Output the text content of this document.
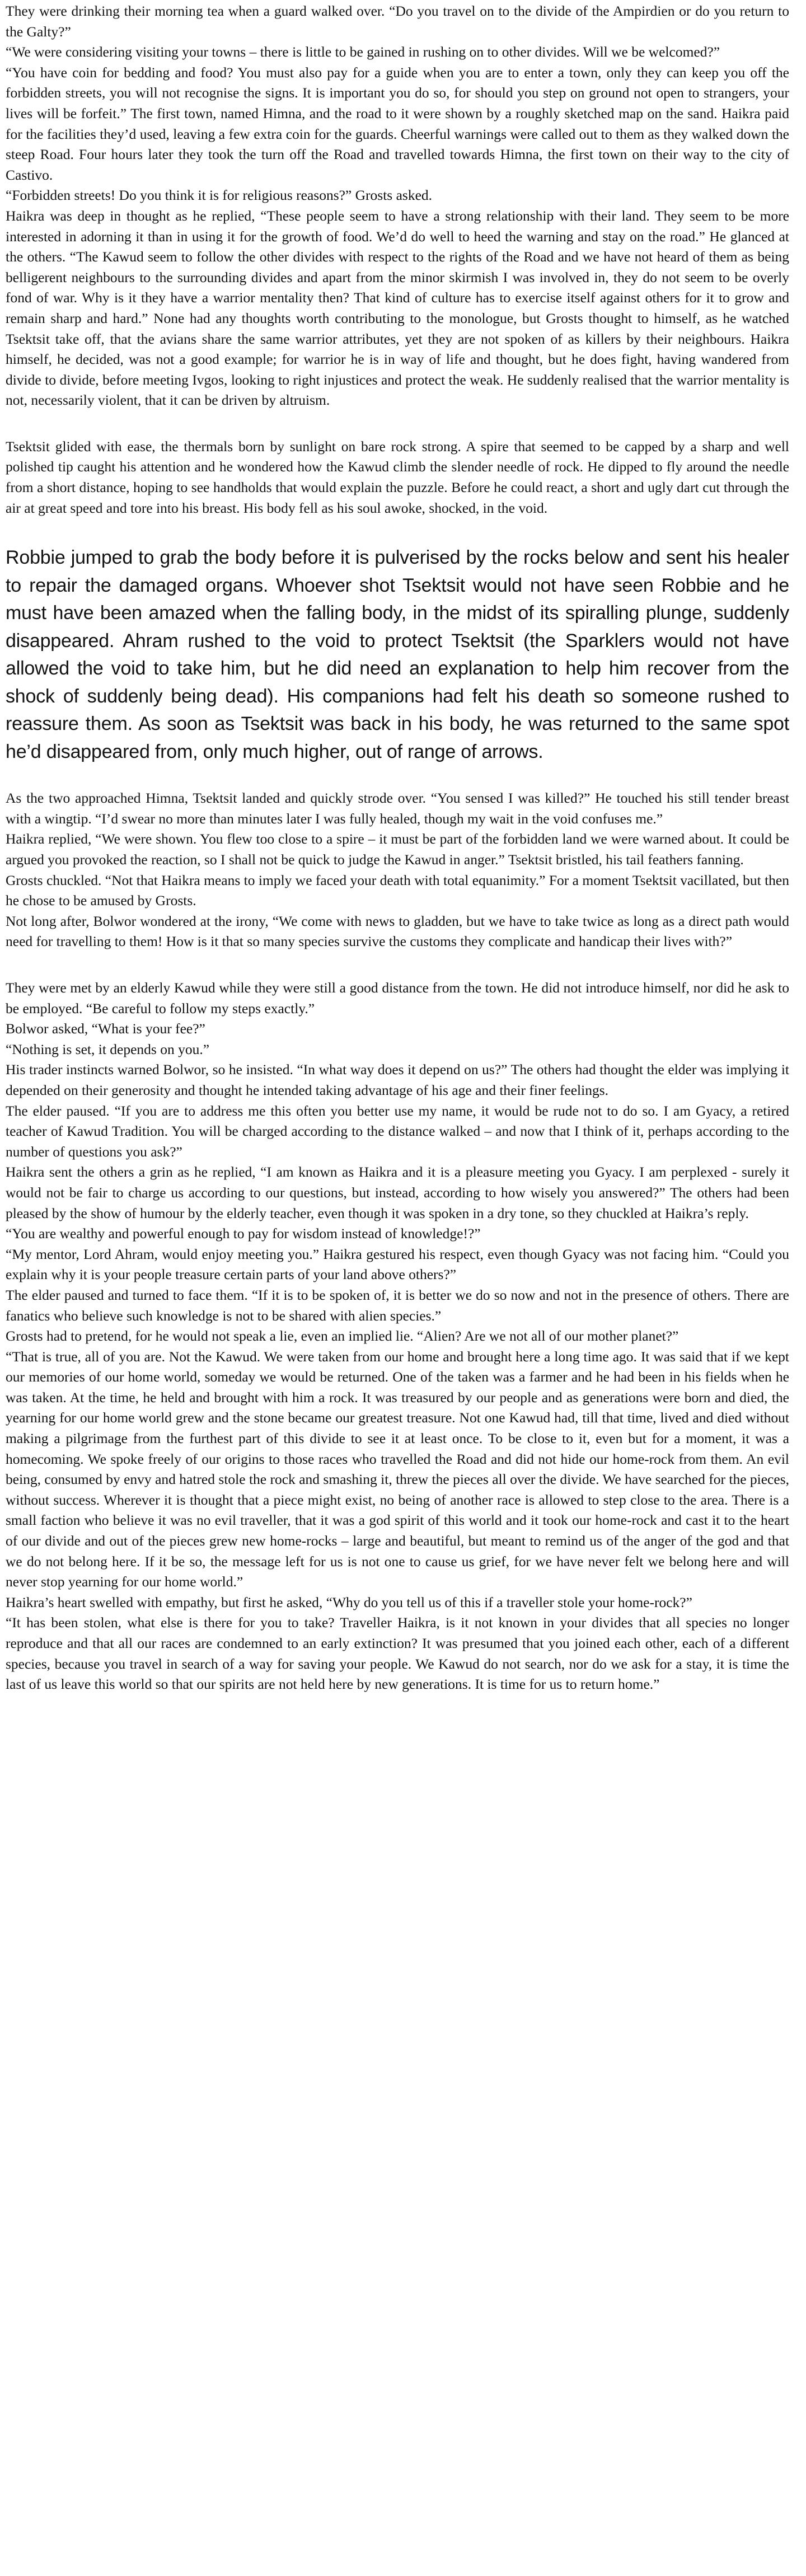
They were drinking their morning tea when a guard walked over. “Do you travel on to the divide of the Ampirdien or do you return to the Galty?”

“We were considering visiting your towns – there is little to be gained in rushing on to other divides. Will we be welcomed?”

“You have coin for bedding and food? You must also pay for a guide when you are to enter a town, only they can keep you off the forbidden streets, you will not recognise the signs. It is important you do so, for should you step on ground not open to strangers, your lives will be forfeit.” The first town, named Himna, and the road to it were shown by a roughly sketched map on the sand. Haikra paid for the facilities they’d used, leaving a few extra coin for the guards. Cheerful warnings were called out to them as they walked down the steep Road. Four hours later they took the turn off the Road and travelled towards Himna, the first town on their way to the city of Castivo.

“Forbidden streets! Do you think it is for religious reasons?” Grosts asked.

Haikra was deep in thought as he replied, “These people seem to have a strong relationship with their land. They seem to be more interested in adorning it than in using it for the growth of food. We’d do well to heed the warning and stay on the road.” He glanced at the others. “The Kawud seem to follow the other divides with respect to the rights of the Road and we have not heard of them as being belligerent neighbours to the surrounding divides and apart from the minor skirmish I was involved in, they do not seem to be overly fond of war. Why is it they have a warrior mentality then? That kind of culture has to exercise itself against others for it to grow and remain sharp and hard.” None had any thoughts worth contributing to the monologue, but Grosts thought to himself, as he watched Tsektsit take off, that the avians share the same warrior attributes, yet they are not spoken of as killers by their neighbours. Haikra himself, he decided, was not a good example; for warrior he is in way of life and thought, but he does fight, having wandered from divide to divide, before meeting Ivgos, looking to right injustices and protect the weak. He suddenly realised that the warrior mentality is not, necessarily violent, that it can be driven by altruism.

Tsektsit glided with ease, the thermals born by sunlight on bare rock strong. A spire that seemed to be capped by a sharp and well polished tip caught his attention and he wondered how the Kawud climb the slender needle of rock. He dipped to fly around the needle from a short distance, hoping to see handholds that would explain the puzzle. Before he could react, a short and ugly dart cut through the air at great speed and tore into his breast. His body fell as his soul awoke, shocked, in the void.

Robbie jumped to grab the body before it is pulverised by the rocks below and sent his healer to repair the damaged organs. Whoever shot Tsektsit would not have seen Robbie and he must have been amazed when the falling body, in the midst of its spiralling plunge, suddenly disappeared. Ahram rushed to the void to protect Tsektsit (the Sparklers would not have allowed the void to take him, but he did need an explanation to help him recover from the shock of suddenly being dead). His companions had felt his death so someone rushed to reassure them. As soon as Tsektsit was back in his body, he was returned to the same spot he’d disappeared from, only much higher, out of range of arrows.

As the two approached Himna, Tsektsit landed and quickly strode over. “You sensed I was killed?” He touched his still tender breast with a wingtip. “I’d swear no more than minutes later I was fully healed, though my wait in the void confuses me.”

Haikra replied, “We were shown. You flew too close to a spire – it must be part of the forbidden land we were warned about. It could be argued you provoked the reaction, so I shall not be quick to judge the Kawud in anger.” Tsektsit bristled, his tail feathers fanning.

Grosts chuckled. “Not that Haikra means to imply we faced your death with total equanimity.” For a moment Tsektsit vacillated, but then he chose to be amused by Grosts.

Not long after, Bolwor wondered at the irony, “We come with news to gladden, but we have to take twice as long as a direct path would need for travelling to them! How is it that so many species survive the customs they complicate and handicap their lives with?”

They were met by an elderly Kawud while they were still a good distance from the town. He did not introduce himself, nor did he ask to be employed. “Be careful to follow my steps exactly.”

Bolwor asked, “What is your fee?”

“Nothing is set, it depends on you.”

His trader instincts warned Bolwor, so he insisted. “In what way does it depend on us?” The others had thought the elder was implying it depended on their generosity and thought he intended taking advantage of his age and their finer feelings.

The elder paused. “If you are to address me this often you better use my name, it would be rude not to do so. I am Gyacy, a retired teacher of Kawud Tradition. You will be charged according to the distance walked – and now that I think of it, perhaps according to the number of questions you ask?”

Haikra sent the others a grin as he replied, “I am known as Haikra and it is a pleasure meeting you Gyacy. I am perplexed - surely it would not be fair to charge us according to our questions, but instead, according to how wisely you answered?” The others had been pleased by the show of humour by the elderly teacher, even though it was spoken in a dry tone, so they chuckled at Haikra’s reply.

“You are wealthy and powerful enough to pay for wisdom instead of knowledge!?”

“My mentor, Lord Ahram, would enjoy meeting you.” Haikra gestured his respect, even though Gyacy was not facing him. “Could you explain why it is your people treasure certain parts of your land above others?”

The elder paused and turned to face them. “If it is to be spoken of, it is better we do so now and not in the presence of others. There are fanatics who believe such knowledge is not to be shared with alien species.”

Grosts had to pretend, for he would not speak a lie, even an implied lie. “Alien? Are we not all of our mother planet?”

“That is true, all of you are. Not the Kawud. We were taken from our home and brought here a long time ago. It was said that if we kept our memories of our home world, someday we would be returned. One of the taken was a farmer and he had been in his fields when he was taken. At the time, he held and brought with him a rock. It was treasured by our people and as generations were born and died, the yearning for our home world grew and the stone became our greatest treasure. Not one Kawud had, till that time, lived and died without making a pilgrimage from the furthest part of this divide to see it at least once. To be close to it, even but for a moment, it was a homecoming. We spoke freely of our origins to those races who travelled the Road and did not hide our home-rock from them. An evil being, consumed by envy and hatred stole the rock and smashing it, threw the pieces all over the divide. We have searched for the pieces, without success. Wherever it is thought that a piece might exist, no being of another race is allowed to step close to the area. There is a small faction who believe it was no evil traveller, that it was a god spirit of this world and it took our home-rock and cast it to the heart of our divide and out of the pieces grew new home-rocks – large and beautiful, but meant to remind us of the anger of the god and that we do not belong here. If it be so, the message left for us is not one to cause us grief, for we have never felt we belong here and will never stop yearning for our home world.”

Haikra’s heart swelled with empathy, but first he asked, “Why do you tell us of this if a traveller stole your home-rock?”

“It has been stolen, what else is there for you to take? Traveller Haikra, is it not known in your divides that all species no longer reproduce and that all our races are condemned to an early extinction? It was presumed that you joined each other, each of a different species, because you travel in search of a way for saving your people. We Kawud do not search, nor do we ask for a stay, it is time the last of us leave this world so that our spirits are not held here by new generations. It is time for us to return home.”
